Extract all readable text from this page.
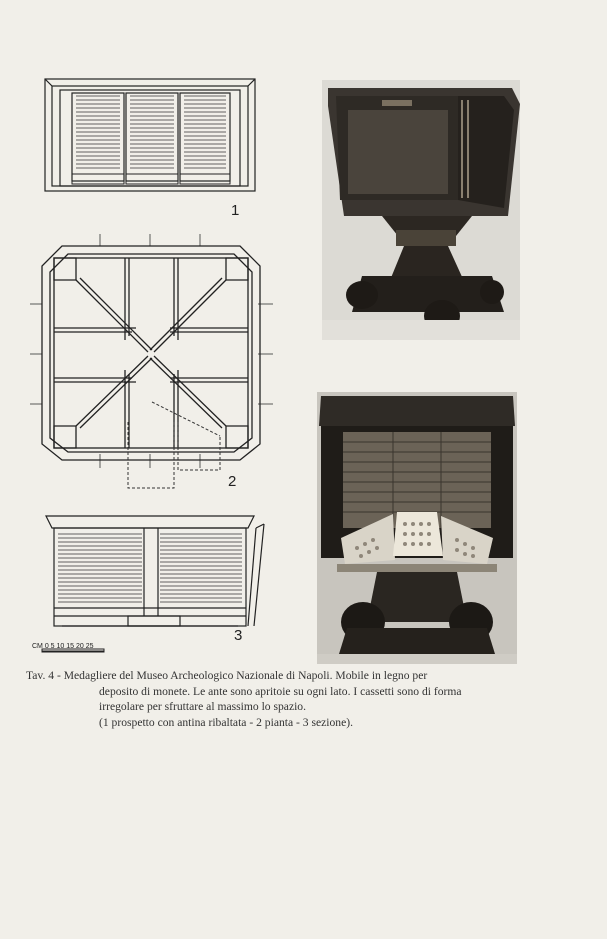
1
2
3
CM 0 5 10 15 20 25
Tav. 4 - Medagliere del Museo Archeologico Nazionale di Napoli. Mobile in legno per
deposito di monete. Le ante sono apritoie su ogni lato. I cassetti sono di forma
irregolare per sfruttare al massimo lo spazio.
(1 prospetto con antina ribaltata - 2 pianta - 3 sezione).
